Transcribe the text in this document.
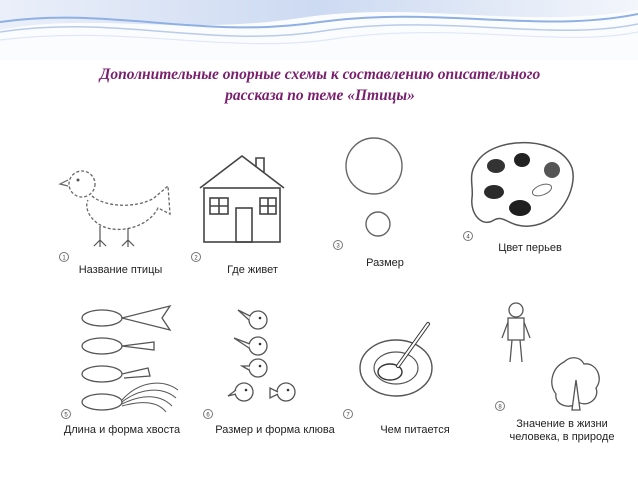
Дополнительные опорные схемы к составлению описательного
рассказа по теме «Птицы»
1
Название птицы
2
Где живет
3
Размер
4
Цвет перьев
5
Длина и форма хвоста
6
Размер и форма клюва
7
Чем питается
8
Значение в жизни
человека, в природе
